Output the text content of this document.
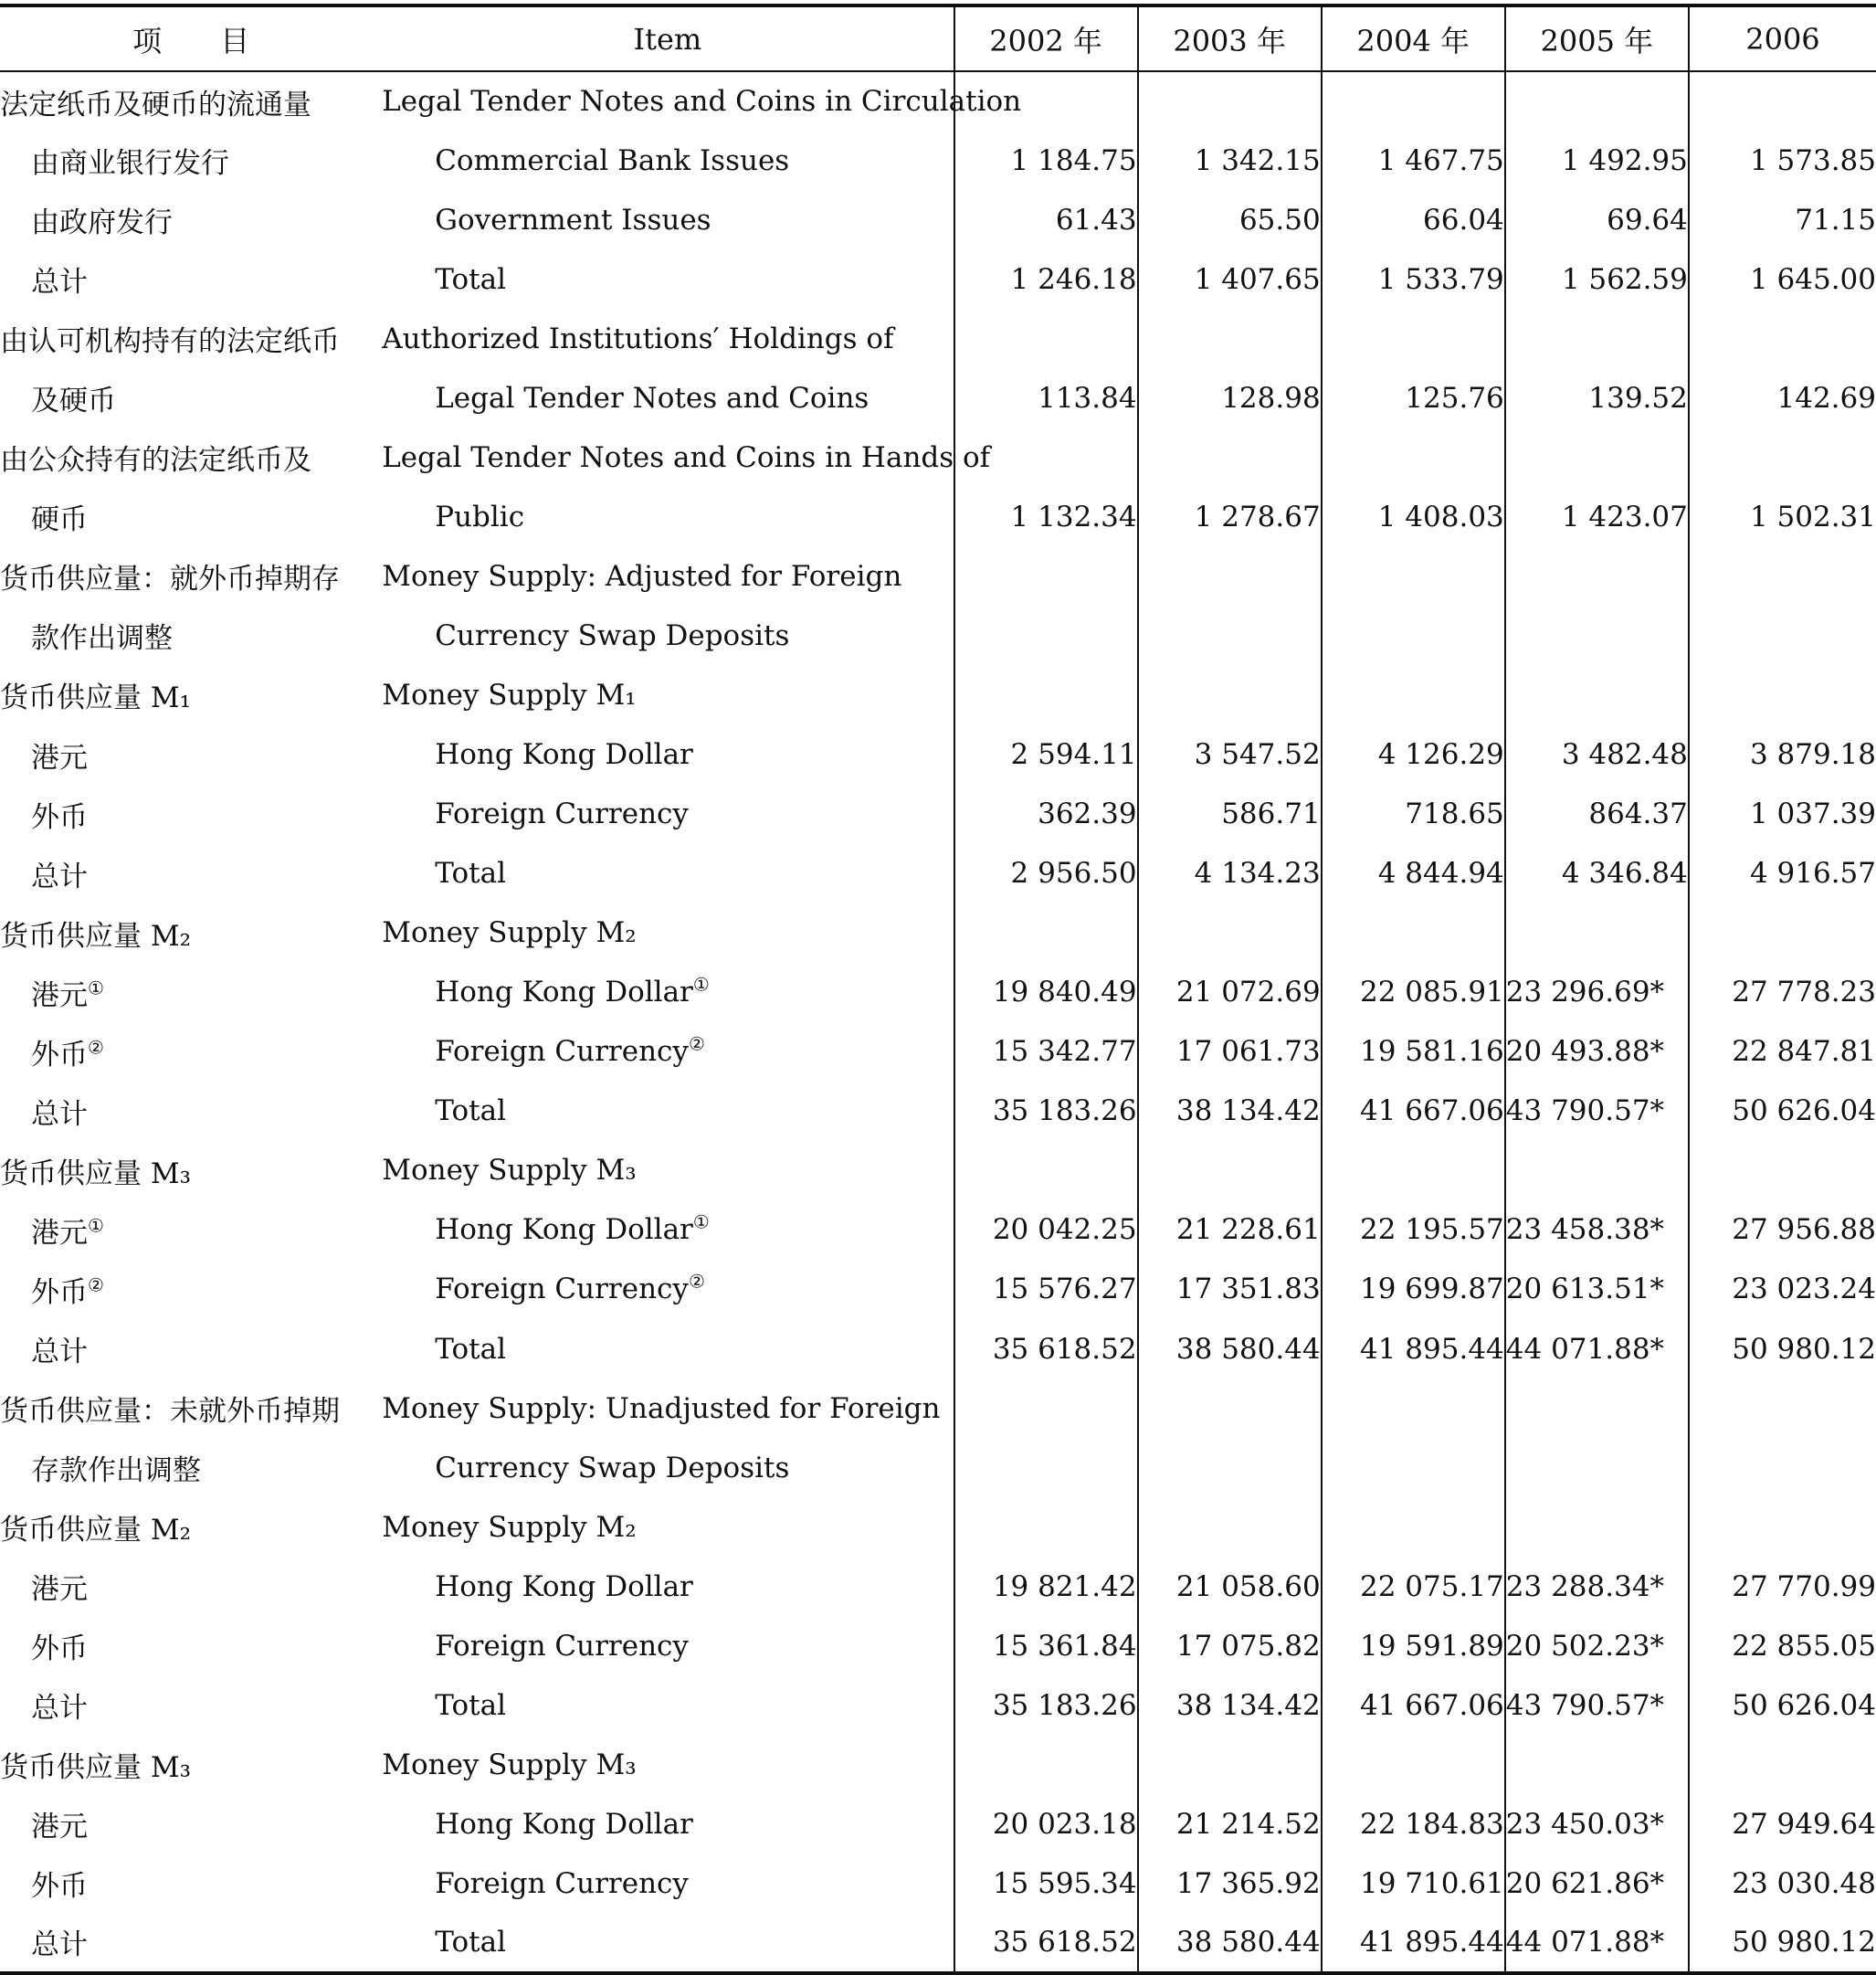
项　　目	Item	2002 年	2003 年	2004 年	2005 年	2006
法定纸币及硬币的流通量	Legal Tender Notes and Coins in Circulation					
由商业银行发行	Commercial Bank Issues	1 184.75	1 342.15	1 467.75	1 492.95	1 573.85
由政府发行	Government Issues	61.43	65.50	66.04	69.64	71.15
总计	Total	1 246.18	1 407.65	1 533.79	1 562.59	1 645.00
由认可机构持有的法定纸币	Authorized Institutions′ Holdings of					
及硬币	Legal Tender Notes and Coins	113.84	128.98	125.76	139.52	142.69
由公众持有的法定纸币及	Legal Tender Notes and Coins in Hands of					
硬币	Public	1 132.34	1 278.67	1 408.03	1 423.07	1 502.31
货币供应量：就外币掉期存	Money Supply: Adjusted for Foreign					
款作出调整	Currency Swap Deposits					
货币供应量 M₁	Money Supply M₁					
港元	Hong Kong Dollar	2 594.11	3 547.52	4 126.29	3 482.48	3 879.18
外币	Foreign Currency	362.39	586.71	718.65	864.37	1 037.39
总计	Total	2 956.50	4 134.23	4 844.94	4 346.84	4 916.57
货币供应量 M₂	Money Supply M₂					
港元①	Hong Kong Dollar①	19 840.49	21 072.69	22 085.91	23 296.69*	27 778.23
外币②	Foreign Currency②	15 342.77	17 061.73	19 581.16	20 493.88*	22 847.81
总计	Total	35 183.26	38 134.42	41 667.06	43 790.57*	50 626.04
货币供应量 M₃	Money Supply M₃					
港元①	Hong Kong Dollar①	20 042.25	21 228.61	22 195.57	23 458.38*	27 956.88
外币②	Foreign Currency②	15 576.27	17 351.83	19 699.87	20 613.51*	23 023.24
总计	Total	35 618.52	38 580.44	41 895.44	44 071.88*	50 980.12
货币供应量：未就外币掉期	Money Supply: Unadjusted for Foreign					
存款作出调整	Currency Swap Deposits					
货币供应量 M₂	Money Supply M₂					
港元	Hong Kong Dollar	19 821.42	21 058.60	22 075.17	23 288.34*	27 770.99
外币	Foreign Currency	15 361.84	17 075.82	19 591.89	20 502.23*	22 855.05
总计	Total	35 183.26	38 134.42	41 667.06	43 790.57*	50 626.04
货币供应量 M₃	Money Supply M₃					
港元	Hong Kong Dollar	20 023.18	21 214.52	22 184.83	23 450.03*	27 949.64
外币	Foreign Currency	15 595.34	17 365.92	19 710.61	20 621.86*	23 030.48
总计	Total	35 618.52	38 580.44	41 895.44	44 071.88*	50 980.12
